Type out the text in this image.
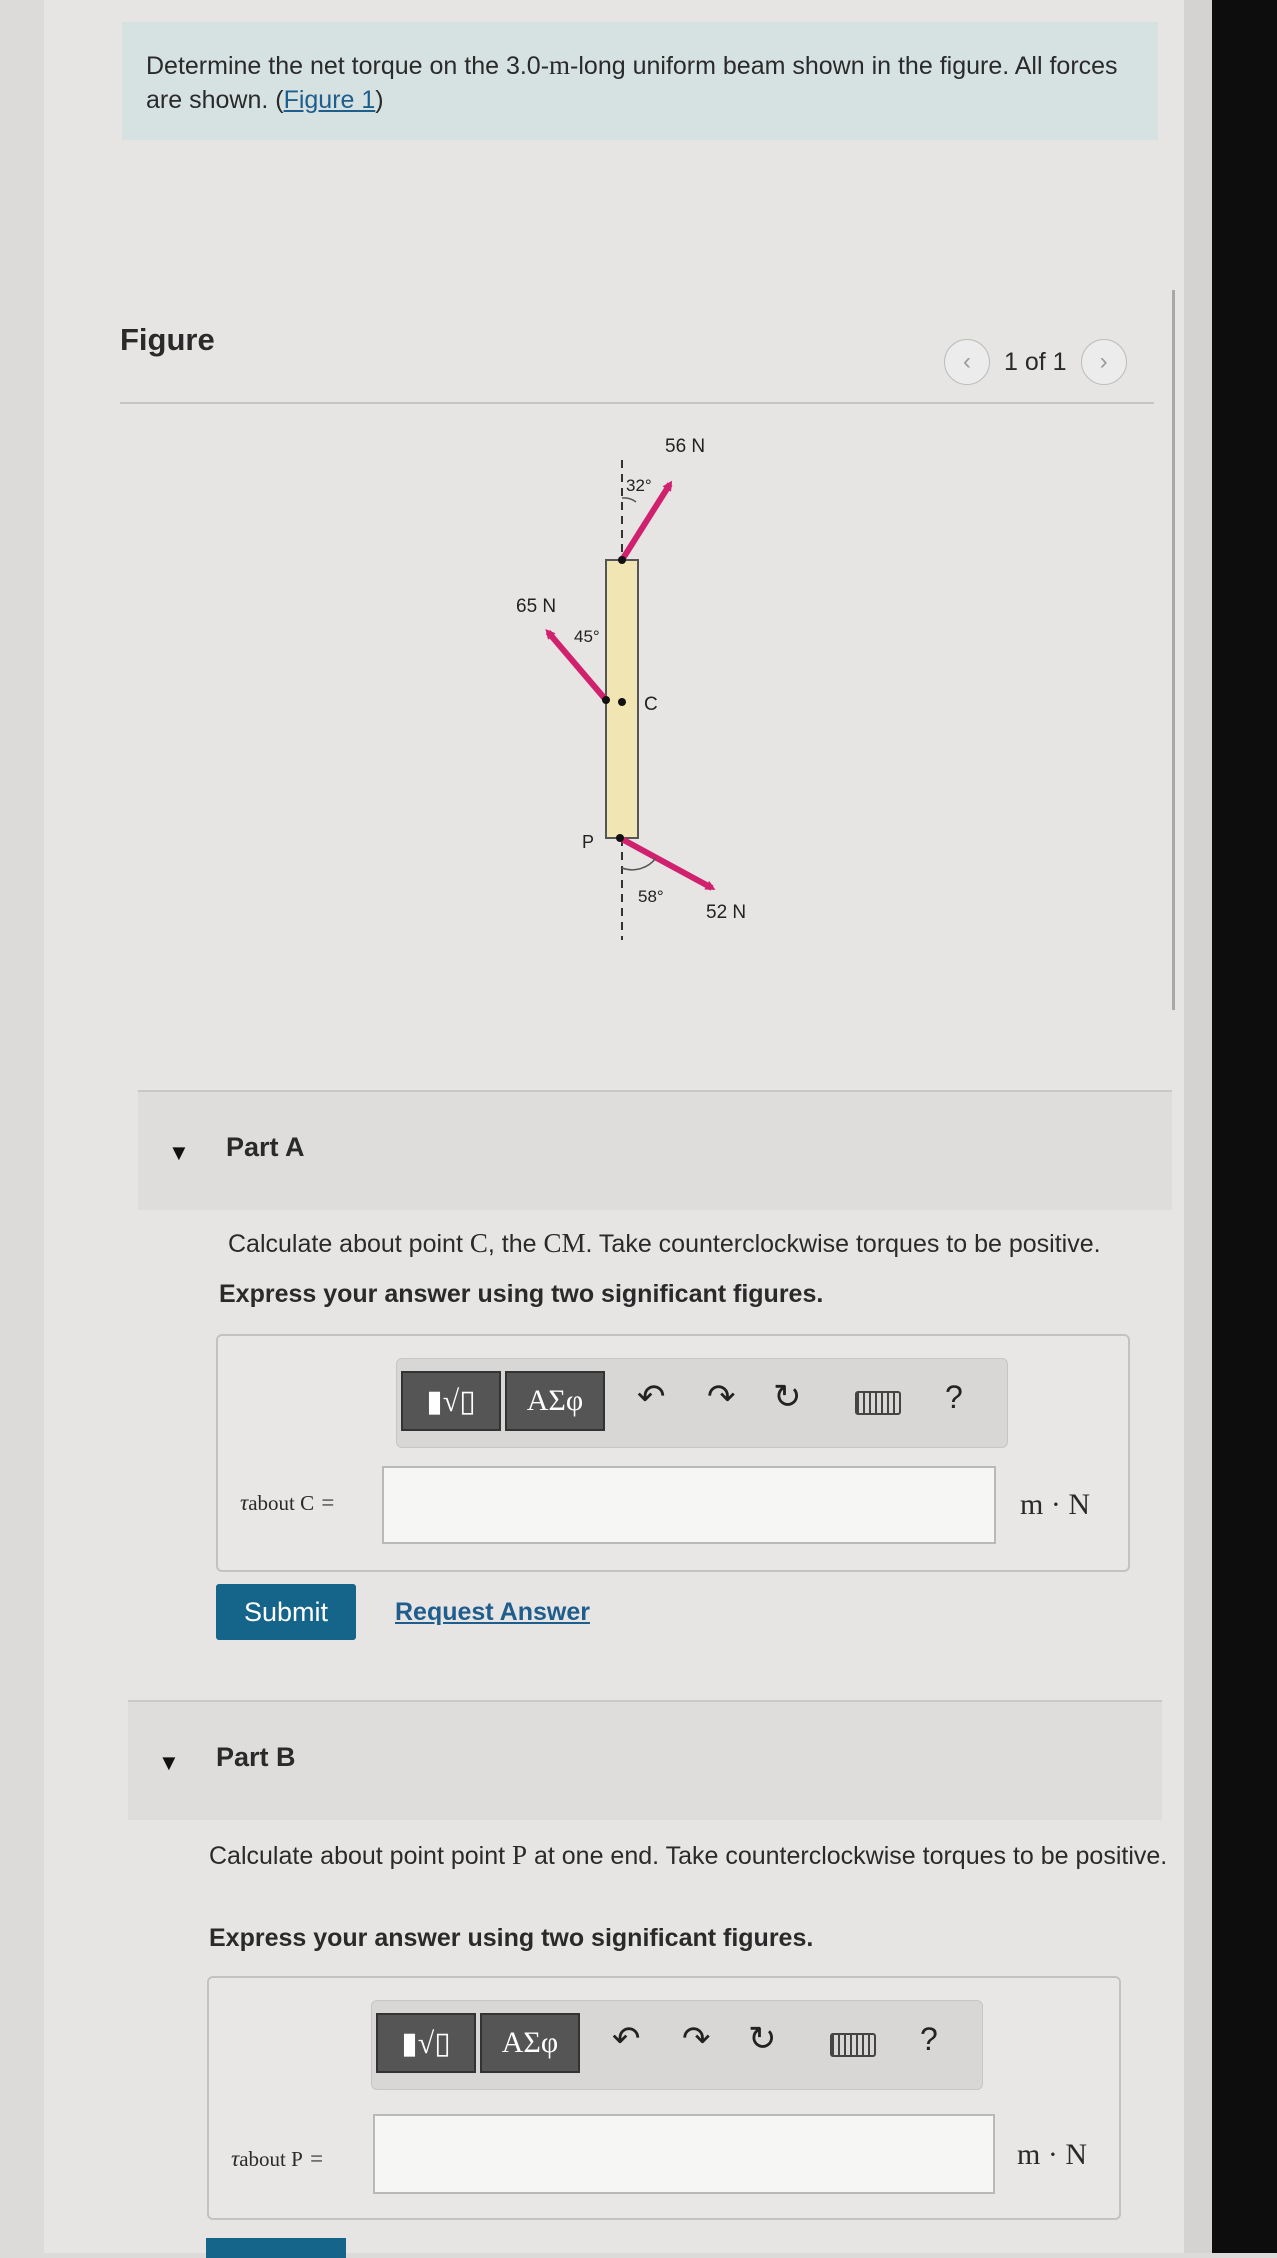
Determine the net torque on the 3.0-m-long uniform beam shown in the figure. All forces are shown. (Figure 1)
Figure
‹ 1 of 1 ›
56 N
32°
65 N
45°
C
P
58°
52 N
▼ Part A
Calculate about point C, the CM. Take counterclockwise torques to be positive.
Express your answer using two significant figures.
▮√▯ ΑΣφ ↶ ↷ ↻	?
τabout C =	m · N
Submit	Request Answer
▼ Part B
Calculate about point point P at one end. Take counterclockwise torques to be positive.
Express your answer using two significant figures.
▮√▯ ΑΣφ ↶ ↷ ↻	?
τabout P =	m · N
